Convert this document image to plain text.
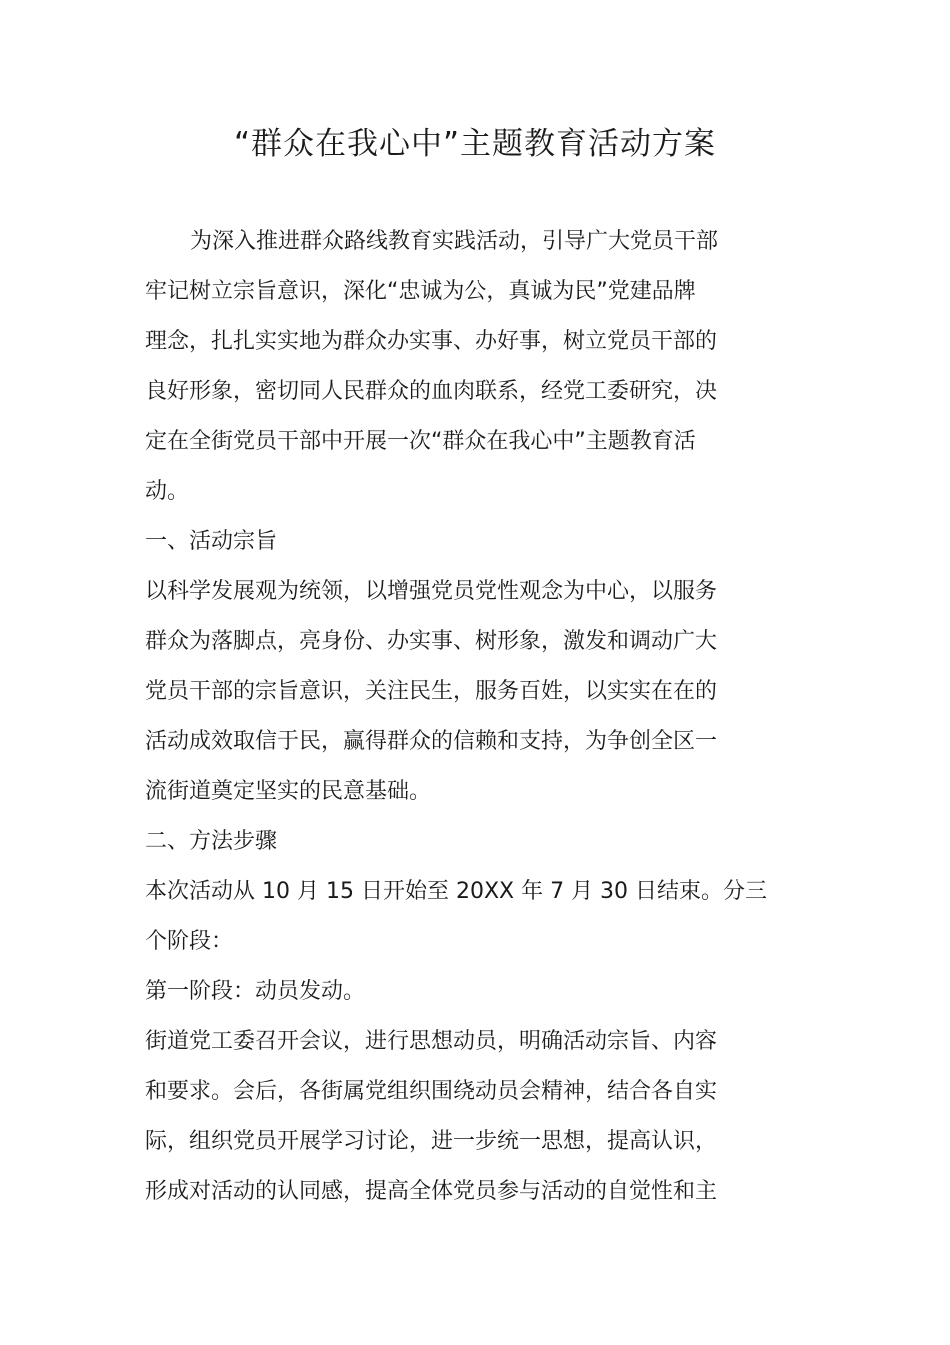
“群众在我心中”主题教育活动方案
为深入推进群众路线教育实践活动，引导广大党员干部
牢记树立宗旨意识，深化“忠诚为公，真诚为民”党建品牌
理念，扎扎实实地为群众办实事、办好事，树立党员干部的
良好形象，密切同人民群众的血肉联系，经党工委研究，决
定在全街党员干部中开展一次“群众在我心中”主题教育活
动。
一、活动宗旨
以科学发展观为统领，以增强党员党性观念为中心，以服务
群众为落脚点，亮身份、办实事、树形象，激发和调动广大
党员干部的宗旨意识，关注民生，服务百姓，以实实在在的
活动成效取信于民，赢得群众的信赖和支持，为争创全区一
流街道奠定坚实的民意基础。
二、方法步骤
本次活动从 10 月 15 日开始至 20XX 年 7 月 30 日结束。分三
个阶段：
第一阶段：动员发动。
街道党工委召开会议，进行思想动员，明确活动宗旨、内容
和要求。会后，各街属党组织围绕动员会精神，结合各自实
际，组织党员开展学习讨论，进一步统一思想，提高认识，
形成对活动的认同感，提高全体党员参与活动的自觉性和主
